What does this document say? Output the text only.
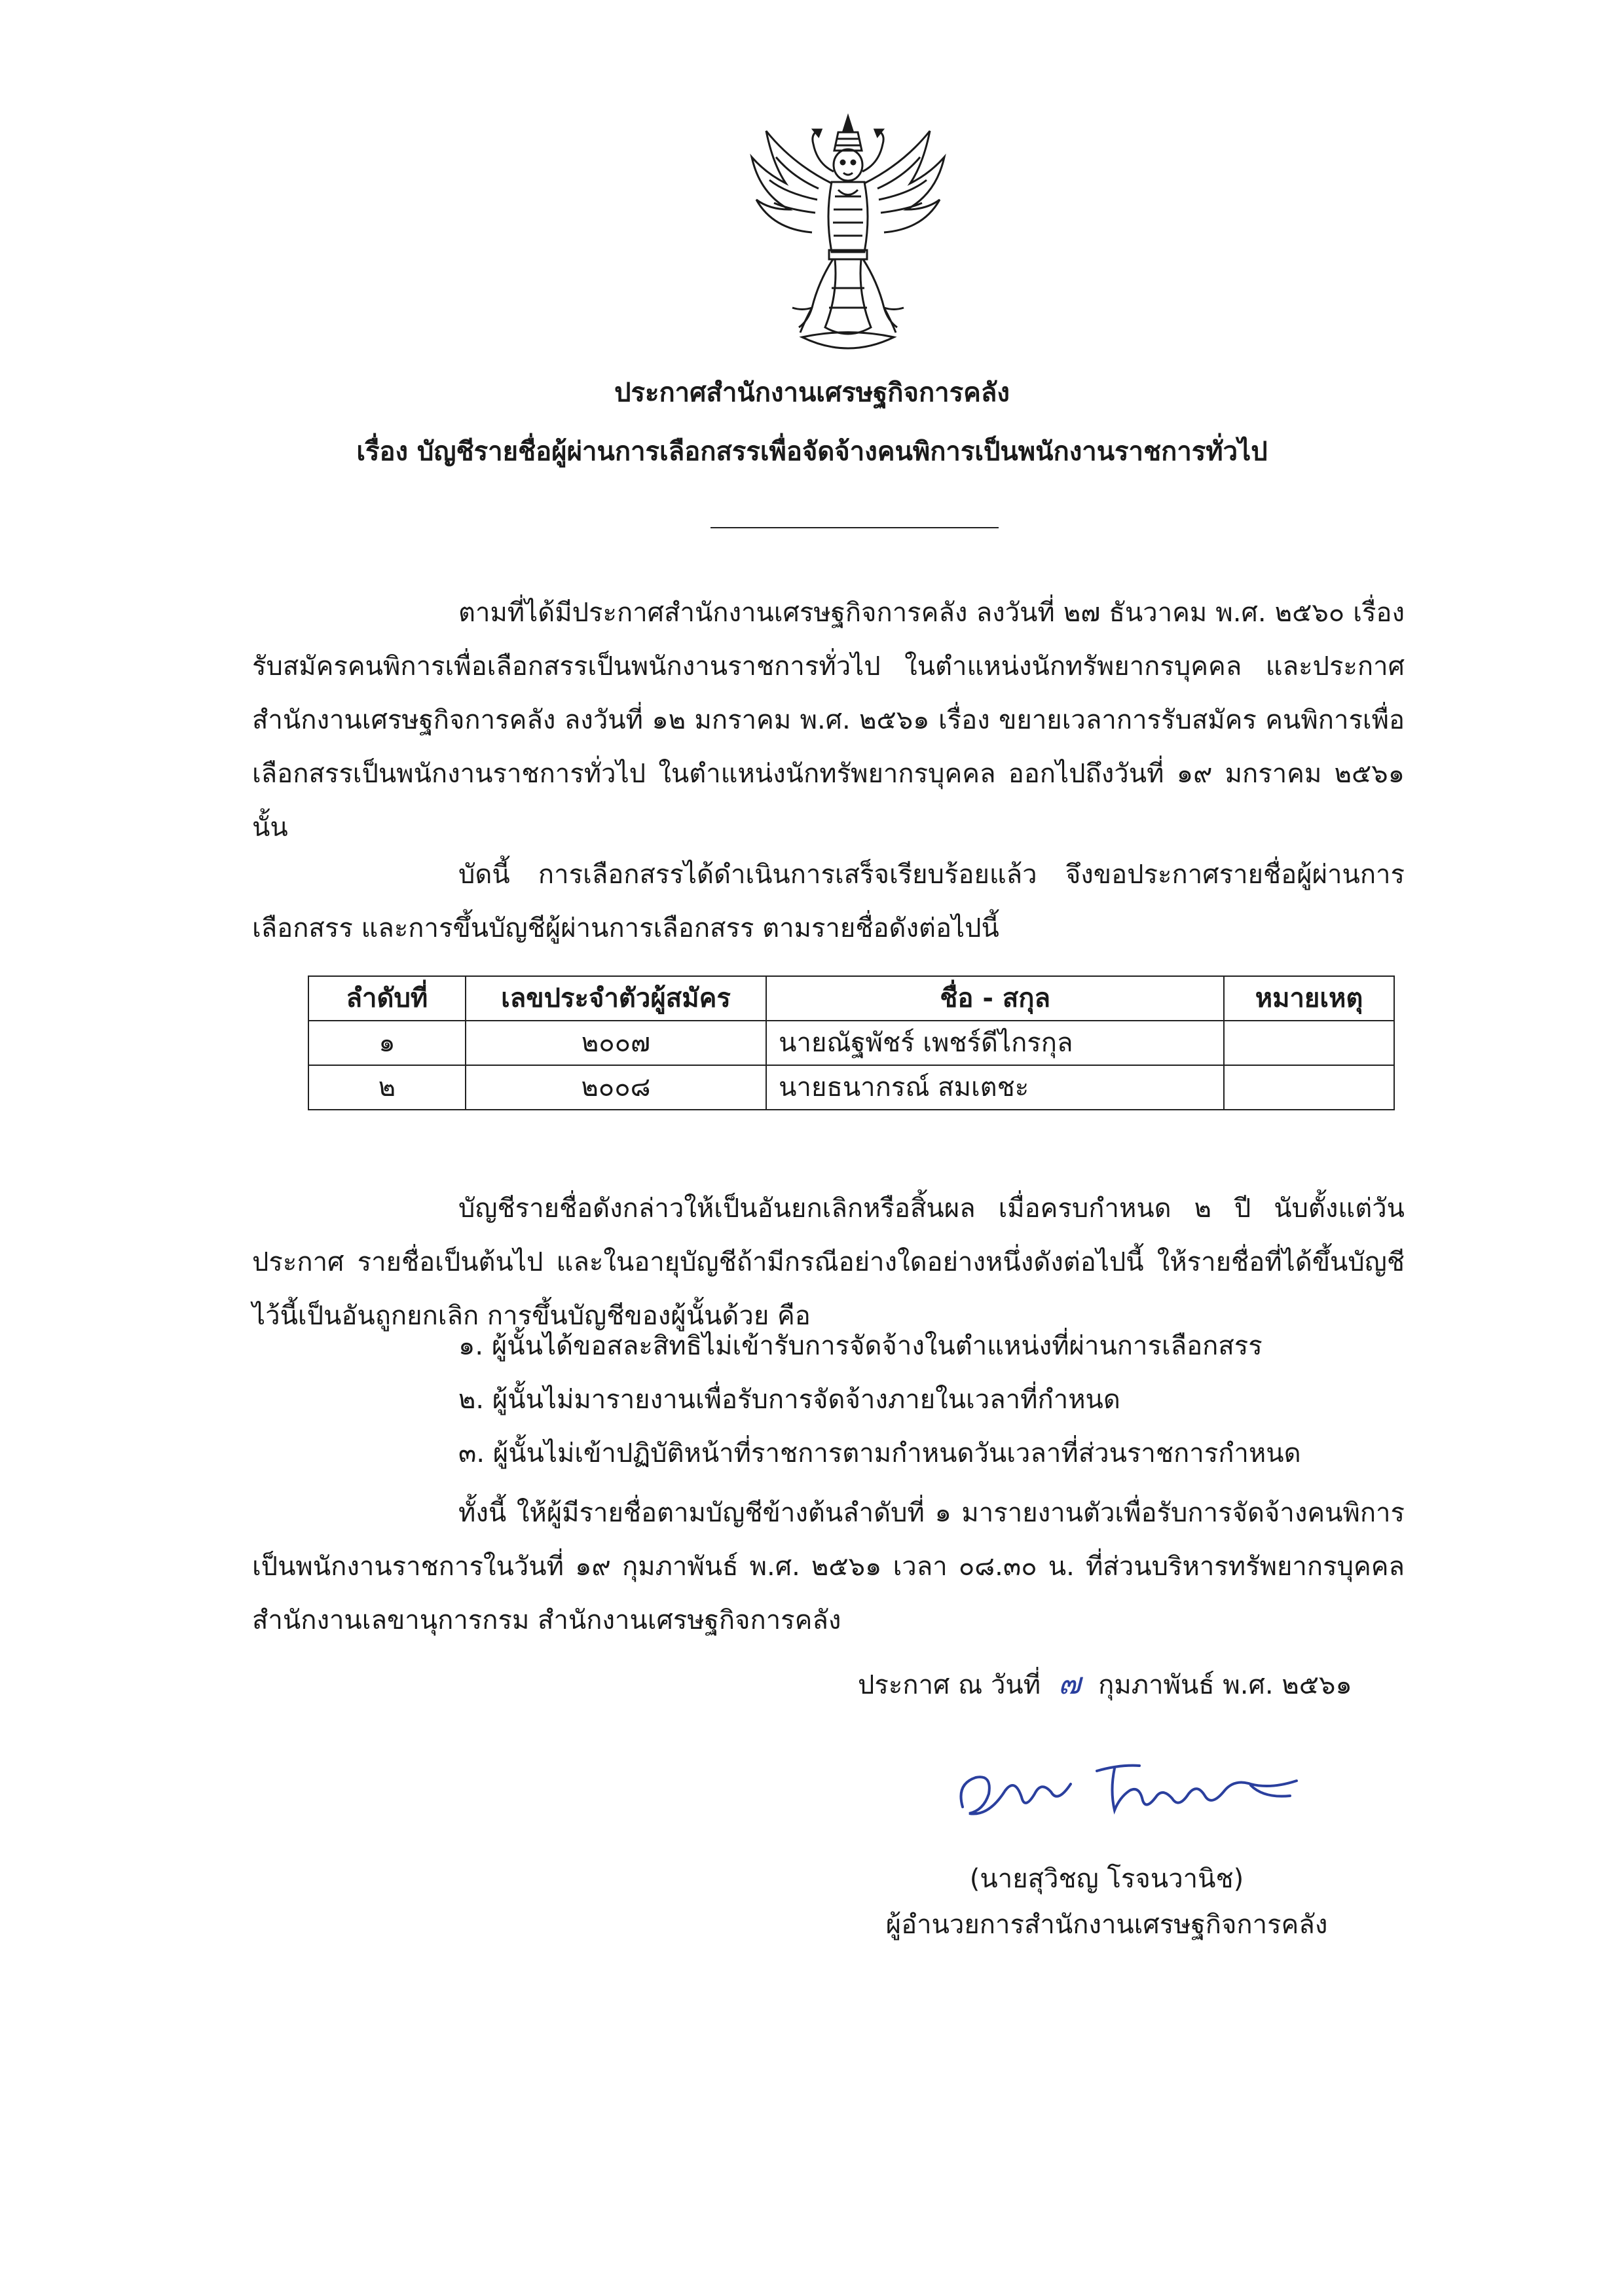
ประกาศสำนักงานเศรษฐกิจการคลัง
เรื่อง บัญชีรายชื่อผู้ผ่านการเลือกสรรเพื่อจัดจ้างคนพิการเป็นพนักงานราชการทั่วไป

ตามที่ได้มีประกาศสำนักงานเศรษฐกิจการคลัง ลงวันที่ ๒๗ ธันวาคม พ.ศ. ๒๕๖๐ เรื่อง รับสมัครคนพิการเพื่อเลือกสรรเป็นพนักงานราชการทั่วไป ในตำแหน่งนักทรัพยากรบุคคล และประกาศสำนักงานเศรษฐกิจการคลัง ลงวันที่ ๑๒ มกราคม พ.ศ. ๒๕๖๑ เรื่อง ขยายเวลาการรับสมัคร คนพิการเพื่อเลือกสรรเป็นพนักงานราชการทั่วไป ในตำแหน่งนักทรัพยากรบุคคล ออกไปถึงวันที่ ๑๙ มกราคม ๒๕๖๑ นั้น

บัดนี้ การเลือกสรรได้ดำเนินการเสร็จเรียบร้อยแล้ว จึงขอประกาศรายชื่อผู้ผ่านการเลือกสรร และการขึ้นบัญชีผู้ผ่านการเลือกสรร ตามรายชื่อดังต่อไปนี้

ลำดับที่	เลขประจำตัวผู้สมัคร	ชื่อ - สกุล	หมายเหตุ
๑	๒๐๐๗	นายณัฐพัชร์ เพชร์ดีไกรกุล	
๒	๒๐๐๘	นายธนากรณ์ สมเตชะ	

บัญชีรายชื่อดังกล่าวให้เป็นอันยกเลิกหรือสิ้นผล เมื่อครบกำหนด ๒ ปี นับตั้งแต่วันประกาศ รายชื่อเป็นต้นไป และในอายุบัญชีถ้ามีกรณีอย่างใดอย่างหนึ่งดังต่อไปนี้ ให้รายชื่อที่ได้ขึ้นบัญชีไว้นี้เป็นอันถูกยกเลิก การขึ้นบัญชีของผู้นั้นด้วย คือ

๑. ผู้นั้นได้ขอสละสิทธิไม่เข้ารับการจัดจ้างในตำแหน่งที่ผ่านการเลือกสรร
๒. ผู้นั้นไม่มารายงานเพื่อรับการจัดจ้างภายในเวลาที่กำหนด
๓. ผู้นั้นไม่เข้าปฏิบัติหน้าที่ราชการตามกำหนดวันเวลาที่ส่วนราชการกำหนด

ทั้งนี้ ให้ผู้มีรายชื่อตามบัญชีข้างต้นลำดับที่ ๑ มารายงานตัวเพื่อรับการจัดจ้างคนพิการ เป็นพนักงานราชการในวันที่ ๑๙ กุมภาพันธ์ พ.ศ. ๒๕๖๑ เวลา ๐๘.๓๐ น. ที่ส่วนบริหารทรัพยากรบุคคล สำนักงานเลขานุการกรม สำนักงานเศรษฐกิจการคลัง

ประกาศ ณ วันที่ ๗ กุมภาพันธ์ พ.ศ. ๒๕๖๑
(นายสุวิชญ โรจนวานิช)
ผู้อำนวยการสำนักงานเศรษฐกิจการคลัง
